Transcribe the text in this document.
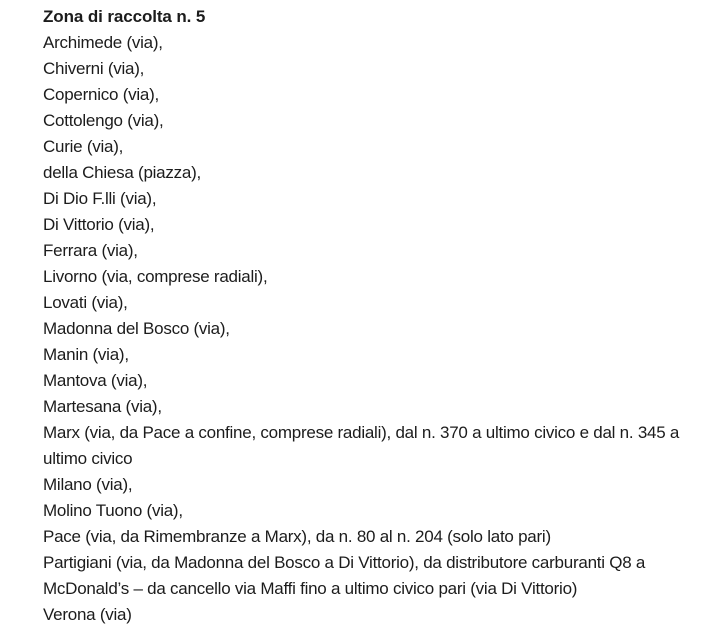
Zona di raccolta n. 5
Archimede (via),
Chiverni (via),
Copernico (via),
Cottolengo (via),
Curie (via),
della Chiesa (piazza),
Di Dio F.lli (via),
Di Vittorio (via),
Ferrara (via),
Livorno (via, comprese radiali),
Lovati (via),
Madonna del Bosco (via),
Manin (via),
Mantova (via),
Martesana (via),
Marx (via, da Pace a confine, comprese radiali), dal n. 370 a ultimo civico e dal n. 345 a ultimo civico
Milano (via),
Molino Tuono (via),
Pace (via, da Rimembranze a Marx), da n. 80 al n. 204 (solo lato pari)
Partigiani (via, da Madonna del Bosco a Di Vittorio), da distributore carburanti Q8 a McDonald’s – da cancello via Maffi fino a ultimo civico pari (via Di Vittorio)
Verona (via)
